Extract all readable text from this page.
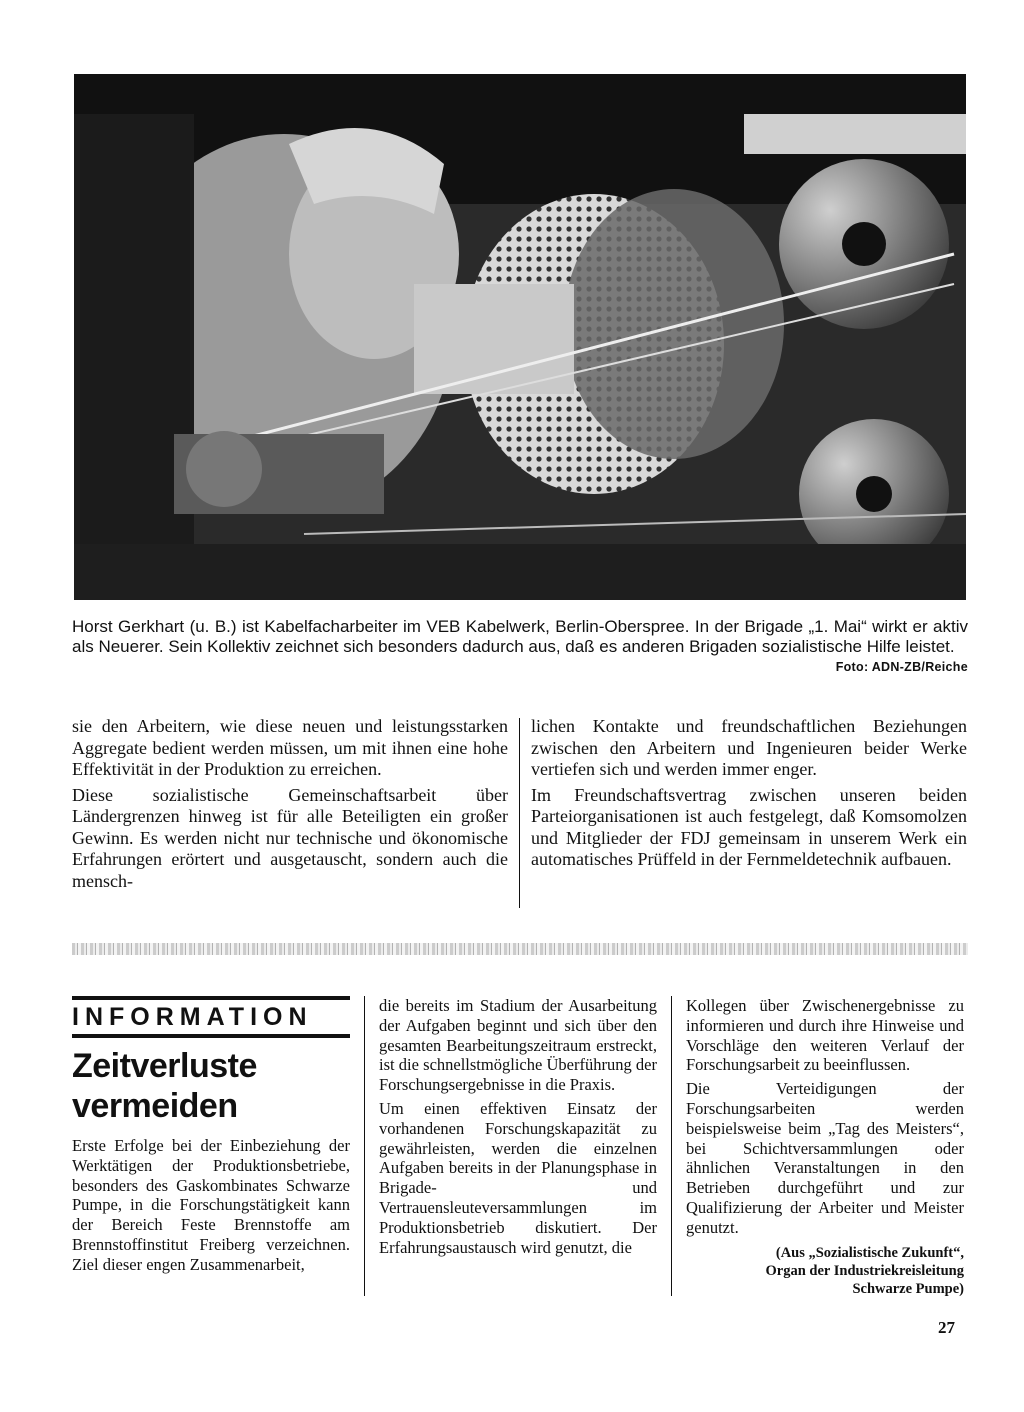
Horst Gerkhart (u. B.) ist Kabelfacharbeiter im VEB Kabelwerk, Berlin-Oberspree. In der Brigade „1. Mai“ wirkt er aktiv als Neuerer. Sein Kollektiv zeichnet sich besonders dadurch aus, daß es anderen Brigaden sozialistische Hilfe leistet.
Foto: ADN-ZB/Reiche

sie den Arbeitern, wie diese neuen und leistungsstarken Aggregate bedient werden müssen, um mit ihnen eine hohe Effektivität in der Produktion zu erreichen.

Diese sozialistische Gemeinschaftsarbeit über Ländergrenzen hinweg ist für alle Beteiligten ein großer Gewinn. Es werden nicht nur technische und ökonomische Erfahrungen erörtert und ausgetauscht, sondern auch die mensch-

lichen Kontakte und freundschaftlichen Beziehungen zwischen den Arbeitern und Ingenieuren beider Werke vertiefen sich und werden immer enger.

Im Freundschaftsvertrag zwischen unseren beiden Parteiorganisationen ist auch festgelegt, daß Komsomolzen und Mitglieder der FDJ gemeinsam in unserem Werk ein automatisches Prüffeld in der Fernmeldetechnik aufbauen.

INFORMATION
Zeitverluste
vermeiden
Erste Erfolge bei der Einbeziehung der Werktätigen der Produktionsbetriebe, besonders des Gaskombinates Schwarze Pumpe, in die Forschungstätigkeit kann der Bereich Feste Brennstoffe am Brennstoffinstitut Freiberg verzeichnen. Ziel dieser engen Zusammenarbeit,

die bereits im Stadium der Ausarbeitung der Aufgaben beginnt und sich über den gesamten Bearbeitungszeitraum erstreckt, ist die schnellstmögliche Überführung der Forschungsergebnisse in die Praxis.

Um einen effektiven Einsatz der vorhandenen Forschungskapazität zu gewährleisten, werden die einzelnen Aufgaben bereits in der Planungsphase in Brigade- und Vertrauensleuteversammlungen im Produktionsbetrieb diskutiert. Der Erfahrungsaustausch wird genutzt, die

Kollegen über Zwischenergebnisse zu informieren und durch ihre Hinweise und Vorschläge den weiteren Verlauf der Forschungsarbeit zu beeinflussen.

Die Verteidigungen der Forschungsarbeiten werden beispielsweise beim „Tag des Meisters“, bei Schichtversammlungen oder ähnlichen Veranstaltungen in den Betrieben durchgeführt und zur Qualifizierung der Arbeiter und Meister genutzt.

(Aus „Sozialistische Zukunft“,
Organ der Industriekreisleitung
Schwarze Pumpe)
27
